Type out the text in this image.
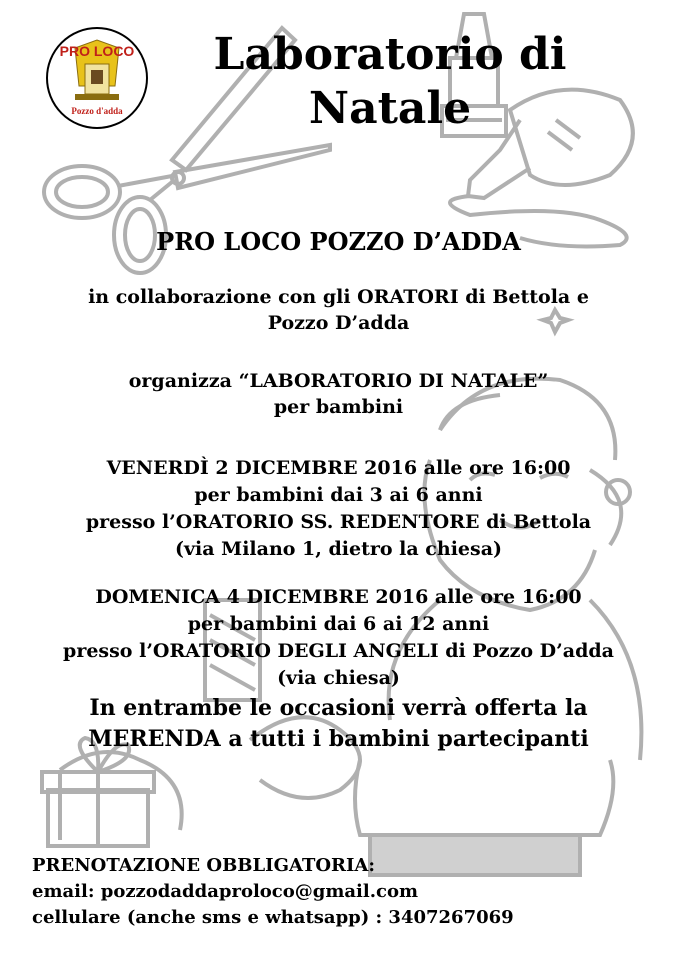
PRO LOCO
Pozzo d'adda
Laboratorio di
Natale
PRO LOCO POZZO D’ADDA
in collaborazione con gli ORATORI di Bettola e
Pozzo D’adda
organizza “LABORATORIO DI NATALE”
per bambini
VENERDÌ 2 DICEMBRE 2016 alle ore 16:00
per bambini dai 3 ai 6 anni
presso l’ORATORIO SS. REDENTORE di Bettola
(via Milano 1, dietro la chiesa)
DOMENICA 4 DICEMBRE 2016 alle ore 16:00
per bambini dai 6 ai 12 anni
presso l’ORATORIO DEGLI ANGELI di Pozzo D’adda
(via chiesa)
In entrambe le occasioni verrà offerta la
MERENDA a tutti i bambini partecipanti
PRENOTAZIONE OBBLIGATORIA:
email: pozzodaddaproloco@gmail.com
cellulare (anche sms e whatsapp) : 3407267069
